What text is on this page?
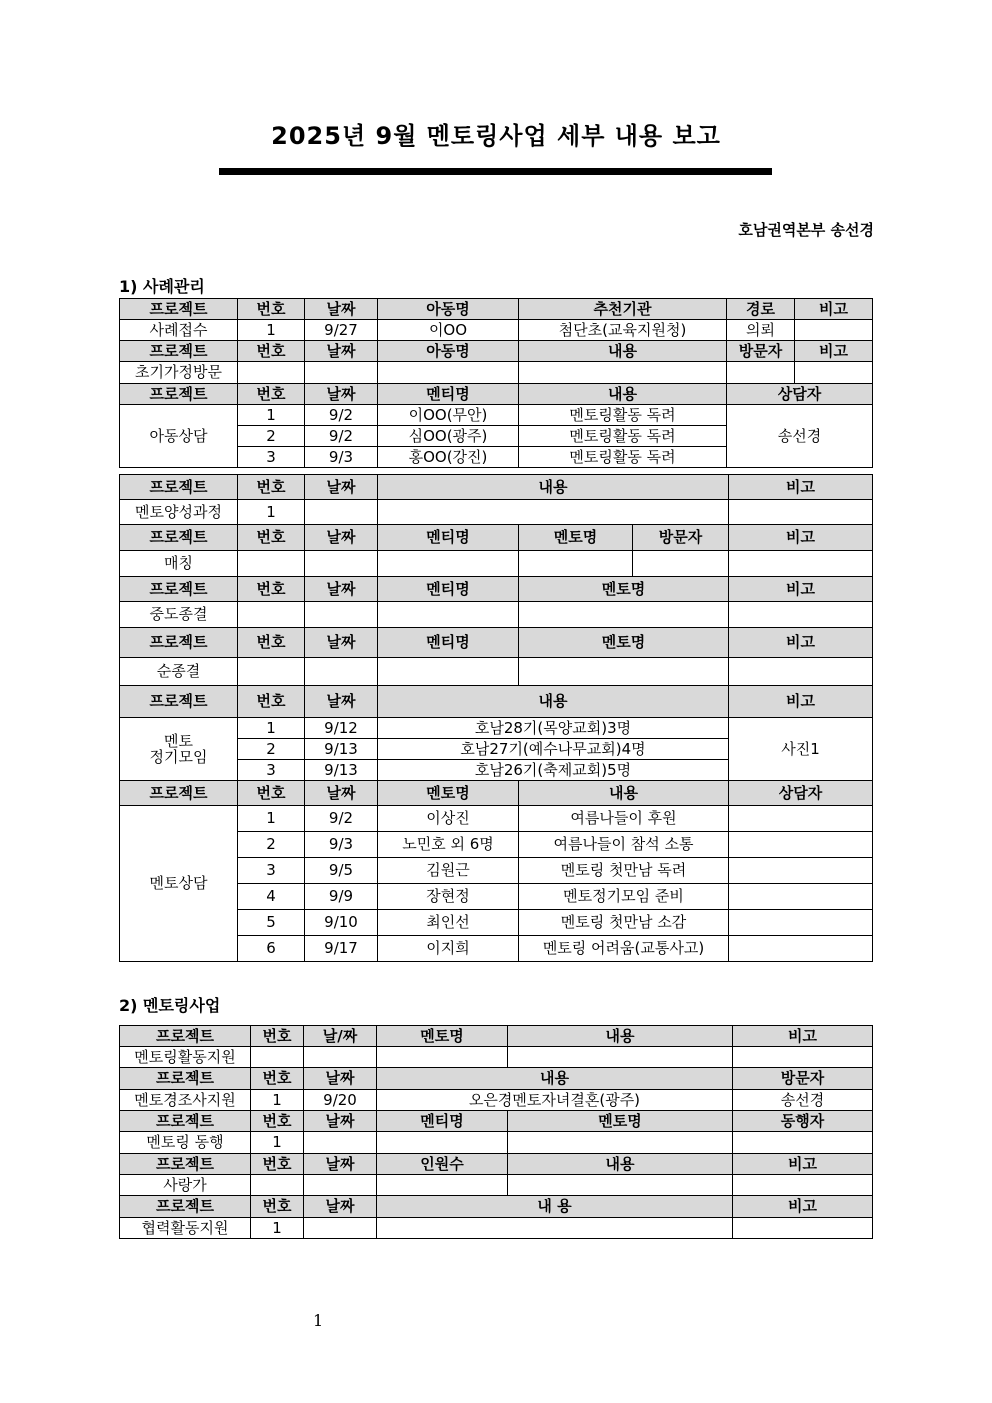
2025년 9월 멘토링사업 세부 내용 보고
호남권역본부 송선경
1) 사례관리
프로젝트	번호	날짜	아동명	추천기관	경로	비고
사례접수	1	9/27	이OO	첨단초(교육지원청)	의뢰	
프로젝트	번호	날짜	아동명	내용	방문자	비고
초기가정방문						
프로젝트	번호	날짜	멘티명	내용	상담자	
아동상담	1	9/2	이OO(무안)	멘토링활동 독려	송선경	
	2	9/2	심OO(광주)	멘토링활동 독려		
	3	9/3	홍OO(강진)	멘토링활동 독려		
프로젝트	번호	날짜	내용			비고
멘토양성과정	1					
프로젝트	번호	날짜	멘티명	멘토명	방문자	비고
매칭						
프로젝트	번호	날짜	멘티명	멘토명		비고
중도종결						
프로젝트	번호	날짜	멘티명	멘토명		비고
순종결						
프로젝트	번호	날짜	내용			비고

멘토
정기모임	1	9/12	호남28기(목양교회)3명			사진1
	2	9/13	호남27기(예수나무교회)4명			
	3	9/13	호남26기(축제교회)5명			
프로젝트	번호	날짜	멘토명	내용		상담자
멘토상담	1	9/2	이상진	여름나들이 후원		
	2	9/3	노민호 외 6명	여름나들이 참석 소통		
	3	9/5	김원근	멘토링 첫만남 독려		
	4	9/9	장현정	멘토정기모임 준비		
	5	9/10	최인선	멘토링 첫만남 소감		
	6	9/17	이지희	멘토링 어려움(교통사고)		
2) 멘토링사업
프로젝트	번호	날/짜	멘토명	내용	비고
멘토링활동지원					
프로젝트	번호	날짜	내용		방문자
멘토경조사지원	1	9/20	오은경멘토자녀결혼(광주)		송선경
프로젝트	번호	날짜	멘티명	멘토명	동행자
멘토링 동행	1				
프로젝트	번호	날짜	인원수	내용	비고
사랑가					
프로젝트	번호	날짜	내 용		비고
협력활동지원	1				
1
